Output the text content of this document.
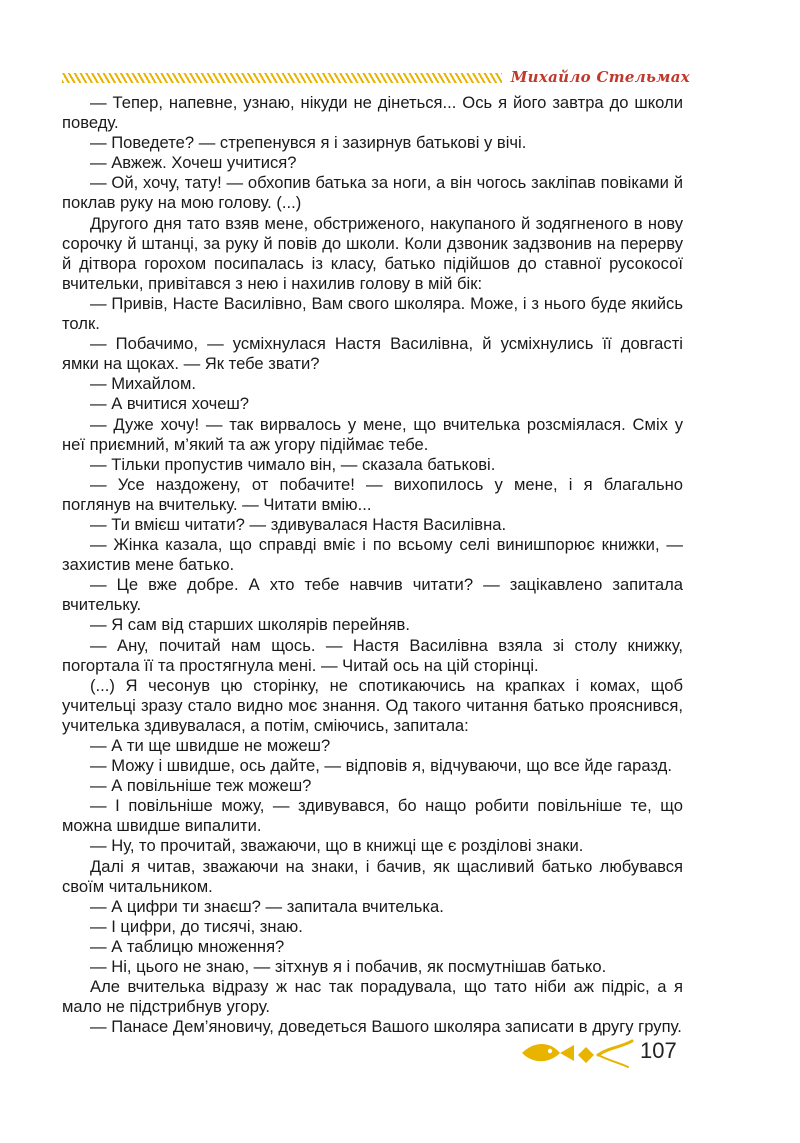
Михайло Стельмах

— Тепер, напевне, узнаю, нікуди не дінеться... Ось я його завтра до школи поведу.

— Поведете? — стрепенувся я і зазирнув батькові у вічі.

— Авжеж. Хочеш учитися?

— Ой, хочу, тату! — обхопив батька за ноги, а він чогось закліпав повіками й поклав руку на мою голову. (...)

Другого дня тато взяв мене, обстриженого, накупаного й зодягненого в нову сорочку й штанці, за руку й повів до школи. Коли дзвоник задзвонив на перерву й дітвора горохом посипалась із класу, батько підійшов до ставної русокосої вчительки, привітався з нею і нахилив голову в мій бік:

— Привів, Насте Василівно, Вам свого школяра. Може, і з нього буде якийсь толк.

— Побачимо, — усміхнулася Настя Василівна, й усміхнулись її довгасті ямки на щоках. — Як тебе звати?

— Михайлом.

— А вчитися хочеш?

— Дуже хочу! — так вирвалось у мене, що вчителька розсміялася. Сміх у неї приємний, м’який та аж угору підіймає тебе.

— Тільки пропустив чимало він, — сказала батькові.

— Усе наздожену, от побачите! — вихопилось у мене, і я благально поглянув на вчительку. — Читати вмію...

— Ти вмієш читати? — здивувалася Настя Василівна.

— Жінка казала, що справді вміє і по всьому селі винишпорює книжки, — захистив мене батько.

— Це вже добре. А хто тебе навчив читати? — зацікавлено запитала вчительку.

— Я сам від старших школярів перейняв.

— Ану, почитай нам щось. — Настя Василівна взяла зі столу книжку, погортала її та простягнула мені. — Читай ось на цій сторінці.

(...) Я чесонув цю сторінку, не спотикаючись на крапках і комах, щоб учительці зразу стало видно моє знання. Од такого читання батько прояснився, учителька здивувалася, а потім, сміючись, запитала:

— А ти ще швидше не можеш?

— Можу і швидше, ось дайте, — відповів я, відчуваючи, що все йде гаразд.

— А повільніше теж можеш?

— І повільніше можу, — здивувався, бо нащо робити повільніше те, що можна швидше випалити.

— Ну, то прочитай, зважаючи, що в книжці ще є розділові знаки.

Далі я читав, зважаючи на знаки, і бачив, як щасливий батько любувався своїм читальником.

— А цифри ти знаєш? — запитала вчителька.

— І цифри, до тисячі, знаю.

— А таблицю множення?

— Ні, цього не знаю, — зітхнув я і побачив, як посмутнішав батько.

Але вчителька відразу ж нас так порадувала, що тато ніби аж підріс, а я мало не підстрибнув угору.

— Панасе Дем’яновичу, доведеться Вашого школяра записати в другу групу.

107
